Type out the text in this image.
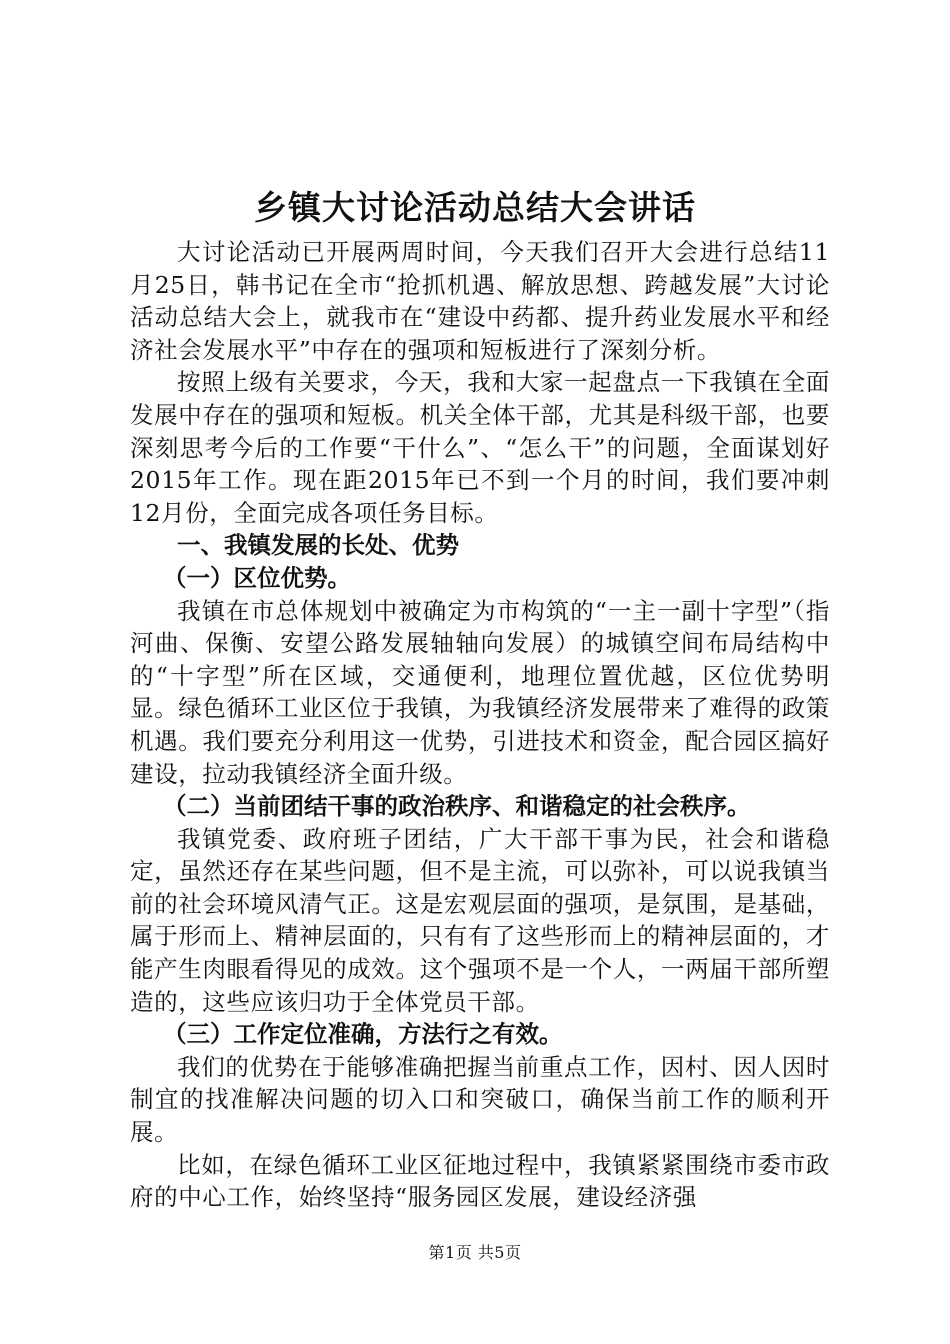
乡镇大讨论活动总结大会讲话

大讨论活动已开展两周时间，今天我们召开大会进行总结11月25日，韩书记在全市“抢抓机遇、解放思想、跨越发展”大讨论活动总结大会上，就我市在“建设中药都、提升药业发展水平和经济社会发展水平”中存在的强项和短板进行了深刻分析。

按照上级有关要求，今天，我和大家一起盘点一下我镇在全面发展中存在的强项和短板。机关全体干部，尤其是科级干部，也要深刻思考今后的工作要“干什么”、“怎么干”的问题，全面谋划好2015年工作。现在距2015年已不到一个月的时间，我们要冲刺12月份，全面完成各项任务目标。

一、我镇发展的长处、优势

（一）区位优势。

我镇在市总体规划中被确定为市构筑的“一主一副十字型”（指河曲、保衡、安望公路发展轴轴向发展）的城镇空间布局结构中的“十字型”所在区域，交通便利，地理位置优越，区位优势明显。绿色循环工业区位于我镇，为我镇经济发展带来了难得的政策机遇。我们要充分利用这一优势，引进技术和资金，配合园区搞好建设，拉动我镇经济全面升级。

（二）当前团结干事的政治秩序、和谐稳定的社会秩序。

我镇党委、政府班子团结，广大干部干事为民，社会和谐稳定，虽然还存在某些问题，但不是主流，可以弥补，可以说我镇当前的社会环境风清气正。这是宏观层面的强项，是氛围，是基础，属于形而上、精神层面的，只有有了这些形而上的精神层面的，才能产生肉眼看得见的成效。这个强项不是一个人，一两届干部所塑造的，这些应该归功于全体党员干部。

（三）工作定位准确，方法行之有效。

我们的优势在于能够准确把握当前重点工作，因村、因人因时制宜的找准解决问题的切入口和突破口，确保当前工作的顺利开展。

比如，在绿色循环工业区征地过程中，我镇紧紧围绕市委市政府的中心工作，始终坚持“服务园区发展，建设经济强

第1页 共5页
